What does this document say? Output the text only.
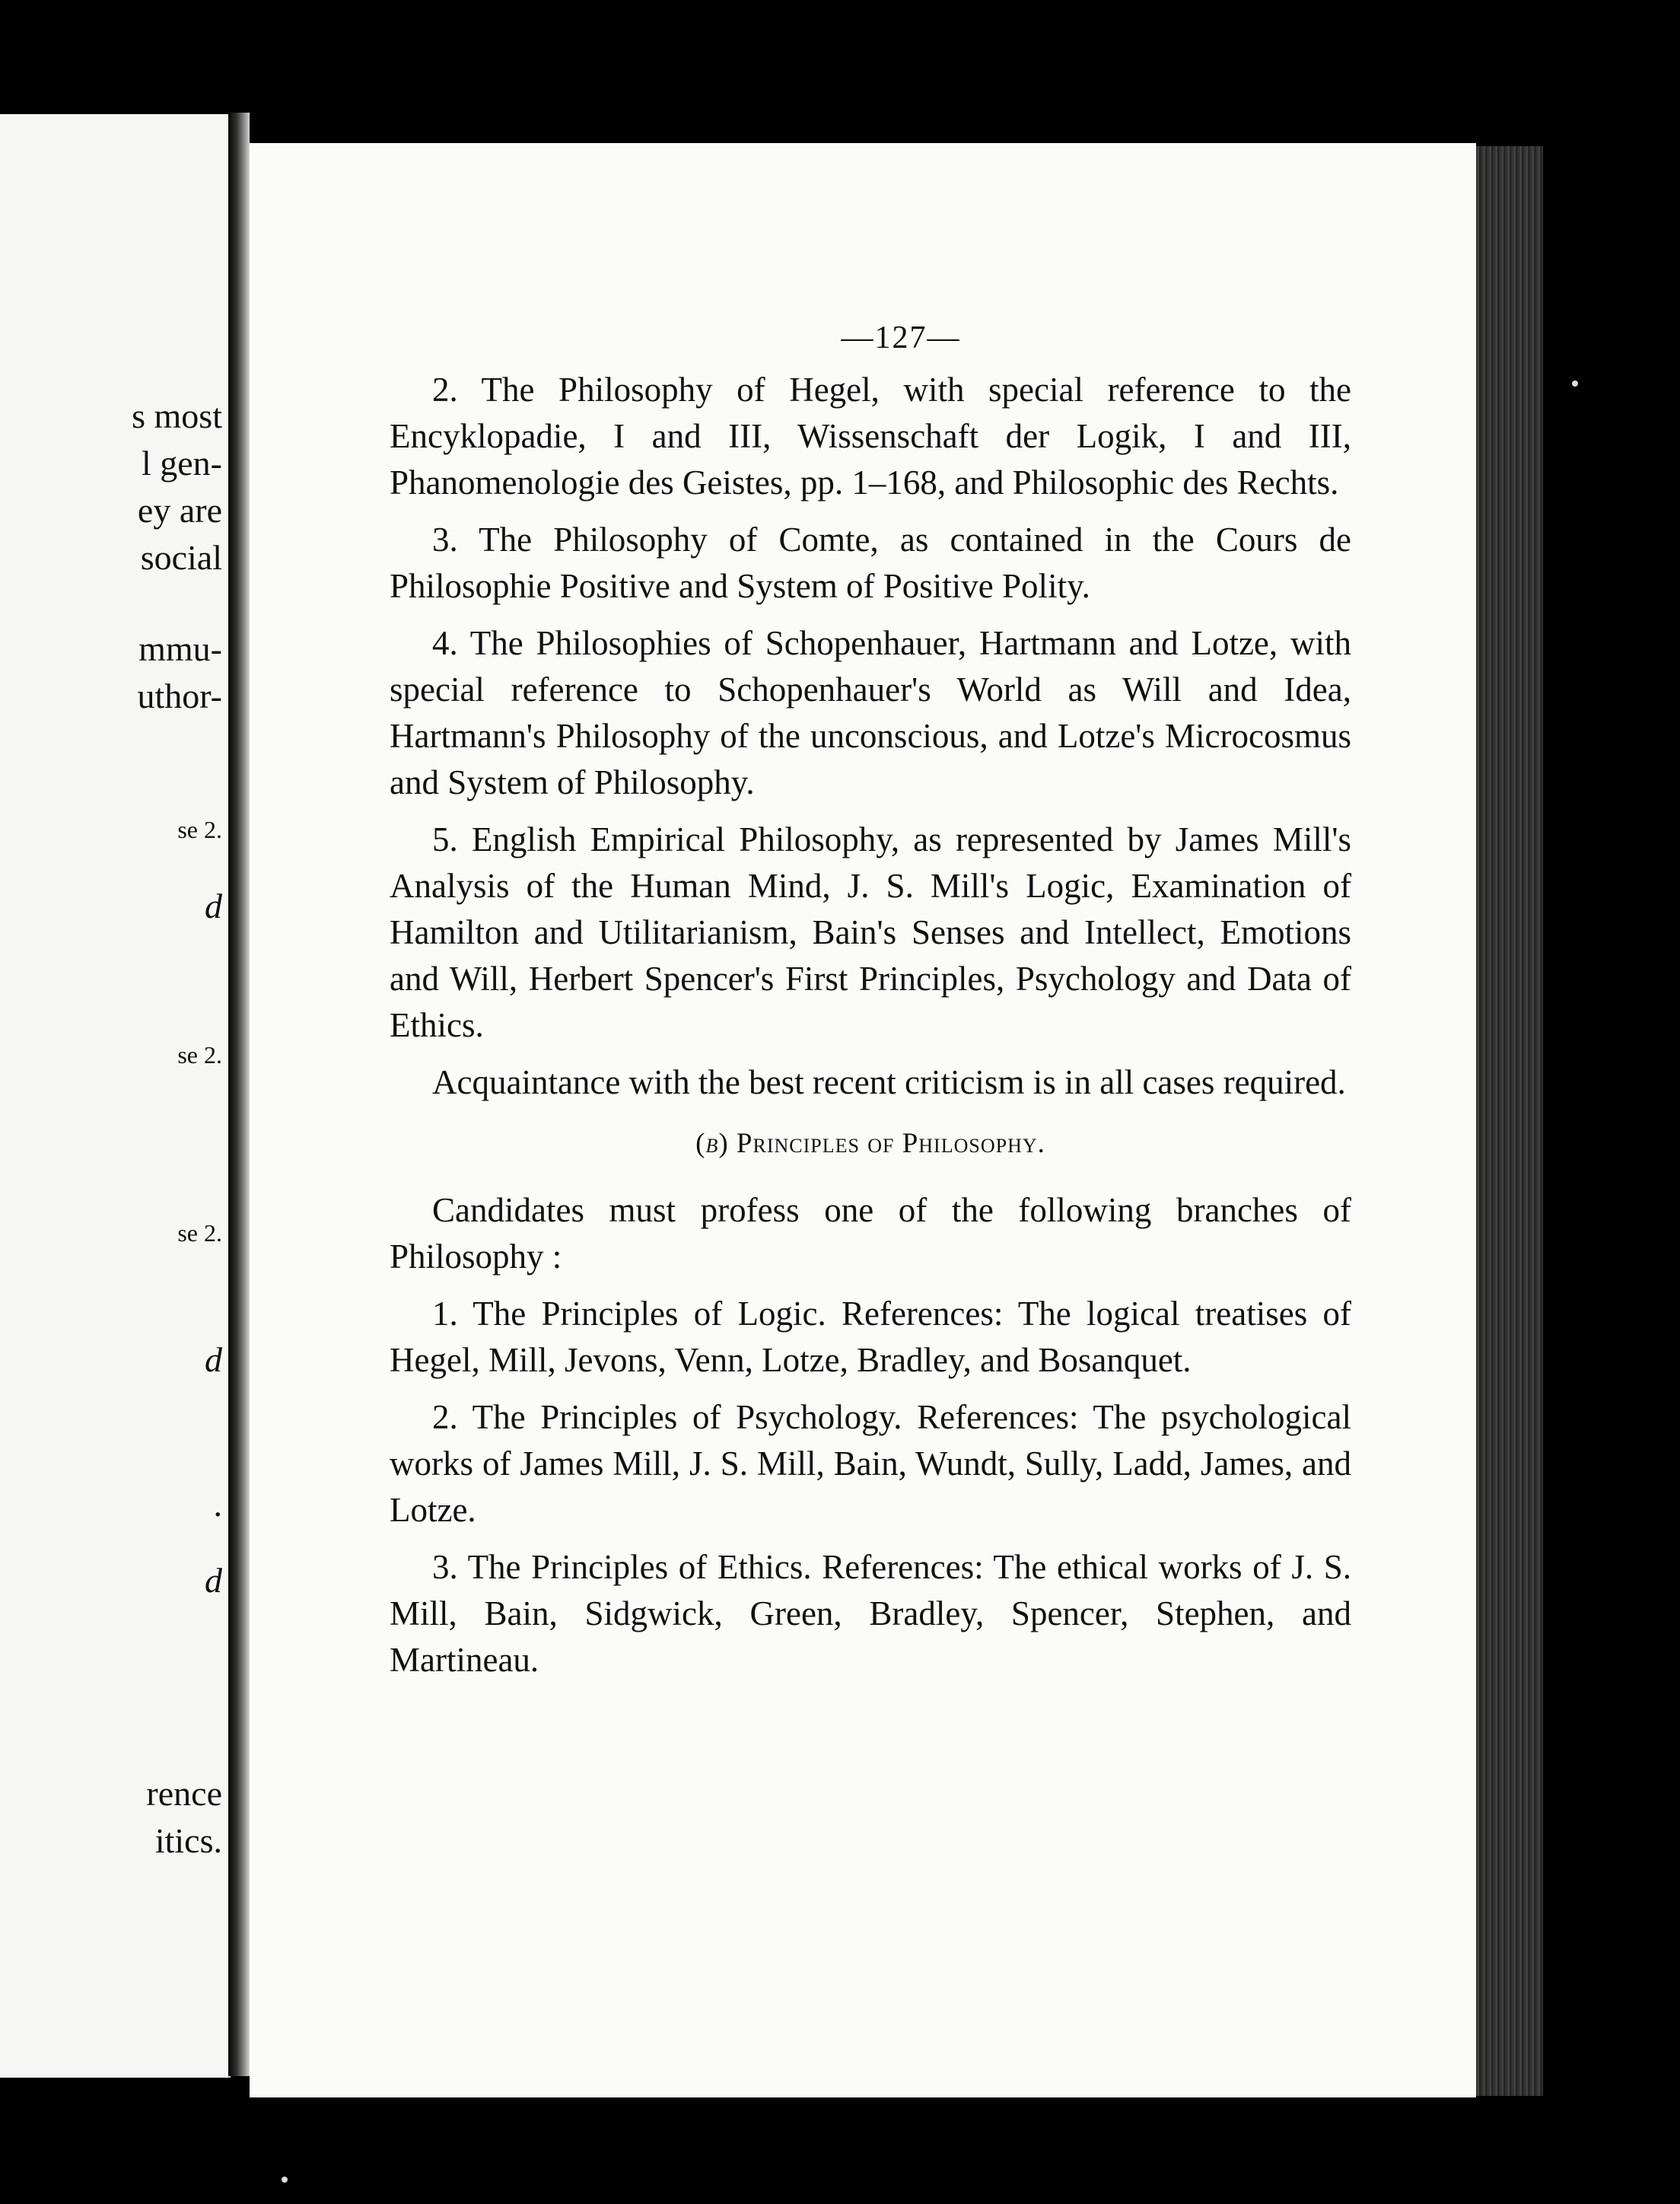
s most
l gen-
ey are
social
mmu-
uthor-
se 2.
d
se 2.
se 2.
d
.
d
rence
itics.
—127—

2. The Philosophy of Hegel, with special reference to the Encyklopadie, I and III, Wissenschaft der Logik, I and III, Phanomenologie des Geistes, pp. 1–168, and Philosophic des Rechts.

3. The Philosophy of Comte, as contained in the Cours de Philosophie Positive and System of Positive Polity.

4. The Philosophies of Schopenhauer, Hartmann and Lotze, with special reference to Schopenhauer's World as Will and Idea, Hartmann's Philosophy of the unconscious, and Lotze's Microcosmus and System of Philosophy.

5. English Empirical Philosophy, as represented by James Mill's Analysis of the Human Mind, J. S. Mill's Logic, Examination of Hamilton and Utilitarianism, Bain's Senses and Intellect, Emotions and Will, Herbert Spencer's First Principles, Psychology and Data of Ethics.

Acquaintance with the best recent criticism is in all cases required.

(b) Principles of Philosophy.

Candidates must profess one of the following branches of Philosophy :

1. The Principles of Logic. References: The logical treatises of Hegel, Mill, Jevons, Venn, Lotze, Bradley, and Bosanquet.

2. The Principles of Psychology. References: The psychological works of James Mill, J. S. Mill, Bain, Wundt, Sully, Ladd, James, and Lotze.

3. The Principles of Ethics. References: The ethical works of J. S. Mill, Bain, Sidgwick, Green, Bradley, Spencer, Stephen, and Martineau.
